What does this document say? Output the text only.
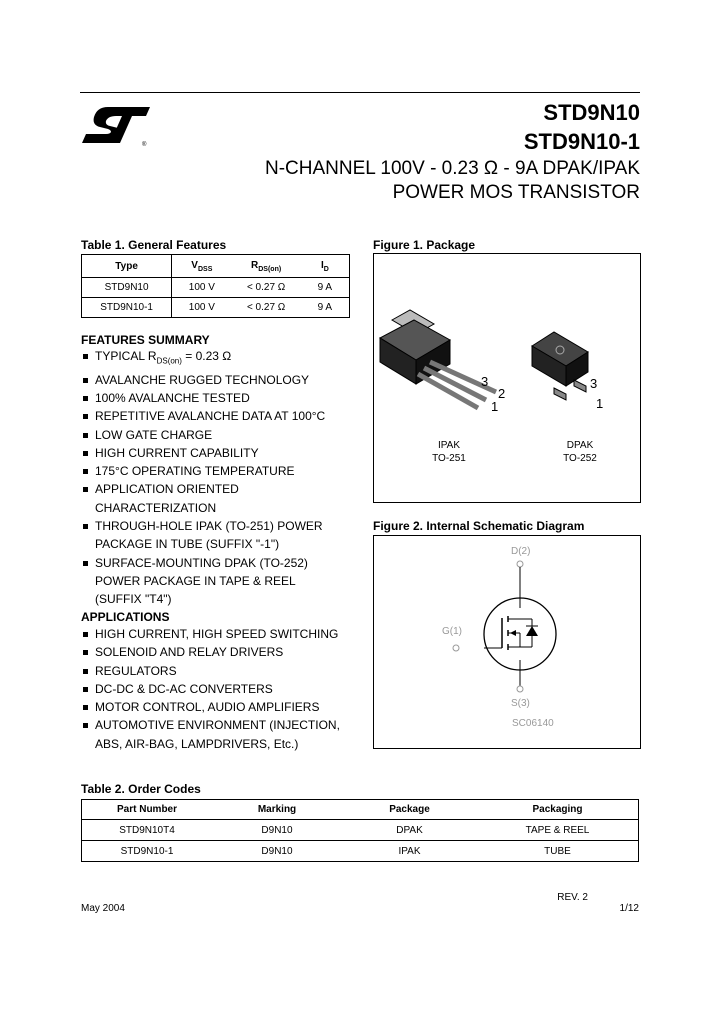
®
STD9N10
STD9N10-1
N-CHANNEL 100V - 0.23 Ω - 9A DPAK/IPAK
POWER MOS TRANSISTOR
Table 1. General Features
Type	$V_{DSS}$	$R_{DS(on)}$	$I_D$
STD9N10	100 V	< 0.27 Ω	9 A
STD9N10-1	100 V	< 0.27 Ω	9 A
FEATURES SUMMARY
TYPICAL $R_{DS(on)} = 0.23$ Ω
AVALANCHE RUGGED TECHNOLOGY
100% AVALANCHE TESTED
REPETITIVE AVALANCHE DATA AT 100°C
LOW GATE CHARGE
HIGH CURRENT CAPABILITY
175°C OPERATING TEMPERATURE
APPLICATION ORIENTED CHARACTERIZATION
THROUGH-HOLE IPAK (TO-251) POWER PACKAGE IN TUBE (SUFFIX "-1")
SURFACE-MOUNTING DPAK (TO-252) POWER PACKAGE IN TAPE & REEL (SUFFIX "T4")
APPLICATIONS
HIGH CURRENT, HIGH SPEED SWITCHING
SOLENOID AND RELAY DRIVERS
REGULATORS
DC-DC & DC-AC CONVERTERS
MOTOR CONTROL, AUDIO AMPLIFIERS
AUTOMOTIVE ENVIRONMENT (INJECTION, ABS, AIR-BAG, LAMPDRIVERS, Etc.)
Figure 1. Package
3
2
1
3
1
IPAK
TO-251
DPAK
TO-252
Figure 2. Internal Schematic Diagram
D(2)
G(1)
S(3)
SC06140
Table 2. Order Codes
Part Number	Marking	Package	Packaging
STD9N10T4	D9N10	DPAK	TAPE & REEL
STD9N10-1	D9N10	IPAK	TUBE
REV. 2
May 2004	1/12
